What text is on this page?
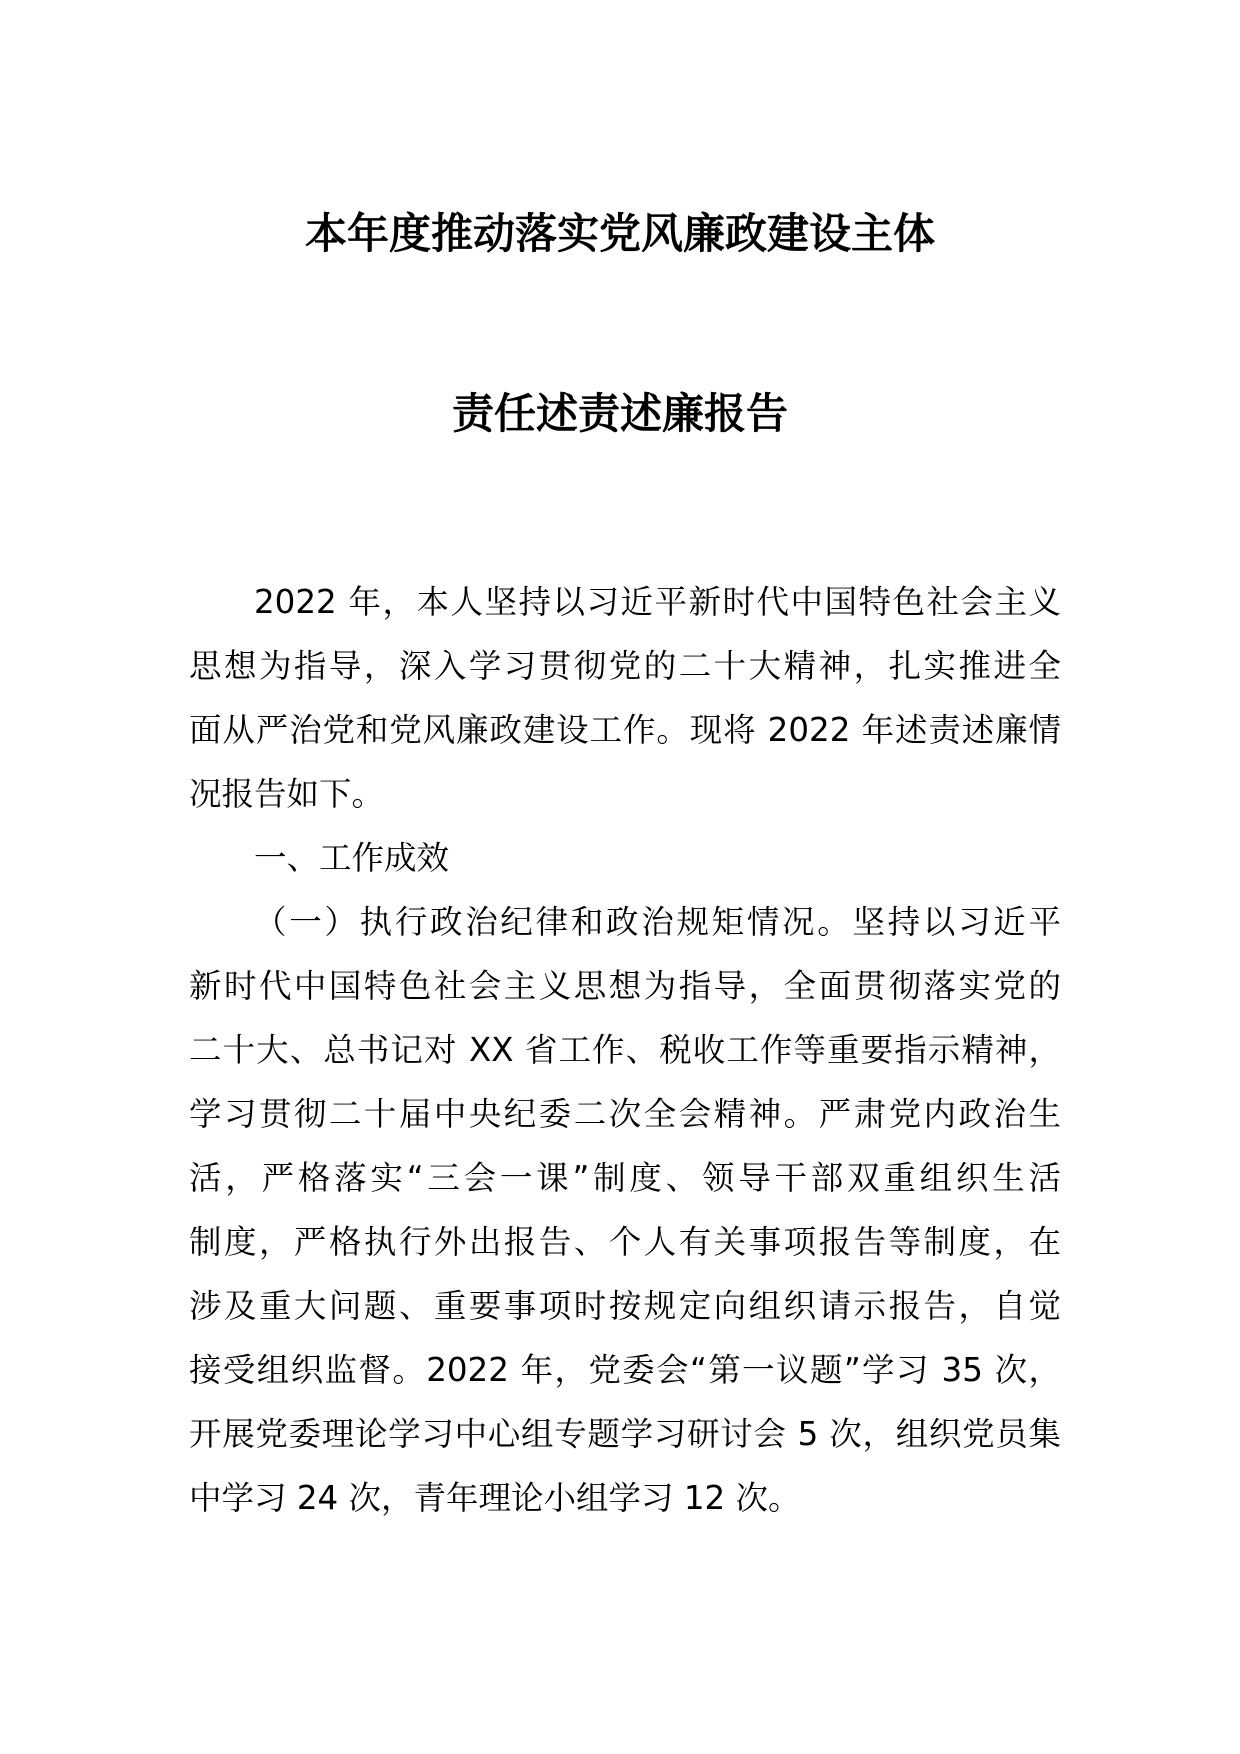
本年度推动落实党风廉政建设主体
责任述责述廉报告
2022 年，本人坚持以习近平新时代中国特色社会主义
思想为指导，深入学习贯彻党的二十大精神，扎实推进全
面从严治党和党风廉政建设工作。现将 2022 年述责述廉情
况报告如下。
一、工作成效
（一）执行政治纪律和政治规矩情况。坚持以习近平
新时代中国特色社会主义思想为指导，全面贯彻落实党的
二十大、总书记对 XX 省工作、税收工作等重要指示精神，
学习贯彻二十届中央纪委二次全会精神。严肃党内政治生
活，严格落实“三会一课”制度、领导干部双重组织生活
制度，严格执行外出报告、个人有关事项报告等制度，在
涉及重大问题、重要事项时按规定向组织请示报告，自觉
接受组织监督。2022 年，党委会“第一议题”学习 35 次，
开展党委理论学习中心组专题学习研讨会 5 次，组织党员集
中学习 24 次，青年理论小组学习 12 次。
